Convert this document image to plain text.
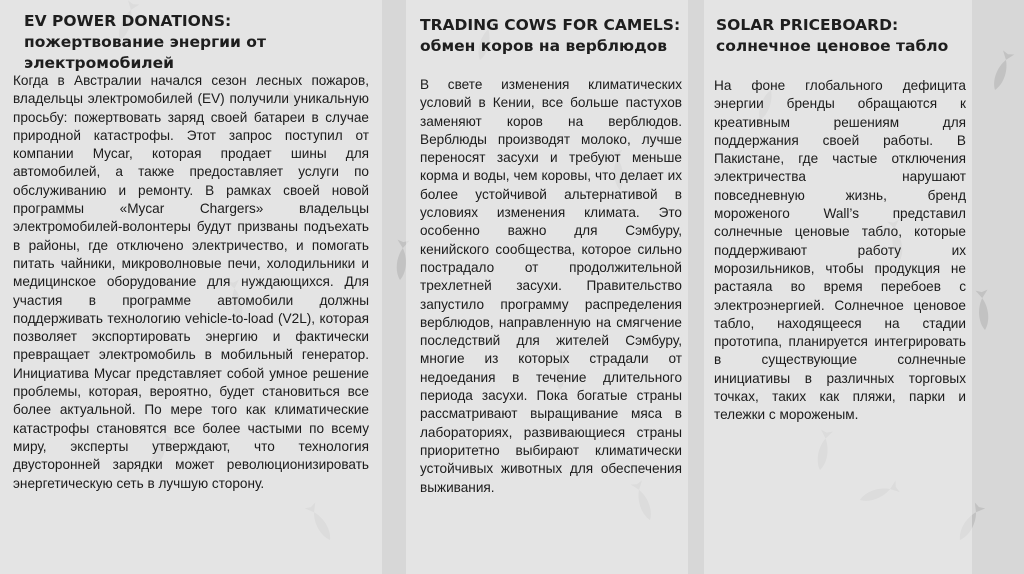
EV POWER DONATIONS: пожертвование энергии от электромобилей

Когда в Австралии начался сезон лесных пожаров, владельцы электромобилей (EV) получили уникальную просьбу: пожертвовать заряд своей батареи в случае природной катастрофы. Этот запрос поступил от компании Mycar, которая продает шины для автомобилей, а также предоставляет услуги по обслуживанию и ремонту. В рамках своей новой программы «Mycar Chargers» владельцы электромобилей-волонтеры будут призваны подъехать в районы, где отключено электричество, и помогать питать чайники, микроволновые печи, холодильники и медицинское оборудование для нуждающихся. Для участия в программе автомобили должны поддерживать технологию vehicle-to-load (V2L), которая позволяет экспортировать энергию и фактически превращает электромобиль в мобильный генератор. Инициатива Mycar представляет собой умное решение проблемы, которая, вероятно, будет становиться все более актуальной. По мере того как климатические катастрофы становятся все более частыми по всему миру, эксперты утверждают, что технология двусторонней зарядки может революционизировать энергетическую сеть в лучшую сторону.

TRADING COWS FOR CAMELS: обмен коров на верблюдов

В свете изменения климатических условий в Кении, все больше пастухов заменяют коров на верблюдов. Верблюды производят молоко, лучше переносят засухи и требуют меньше корма и воды, чем коровы, что делает их более устойчивой альтернативой в условиях изменения климата. Это особенно важно для Сэмбуру, кенийского сообщества, которое сильно пострадало от продолжительной трехлетней засухи. Правительство запустило программу распределения верблюдов, направленную на смягчение последствий для жителей Сэмбуру, многие из которых страдали от недоедания в течение длительного периода засухи. Пока богатые страны рассматривают выращивание мяса в лабораториях, развивающиеся страны приоритетно выбирают климатически устойчивых животных для обеспечения выживания.

SOLAR PRICEBOARD: солнечное ценовое табло

На фоне глобального дефицита энергии бренды обращаются к креативным решениям для поддержания своей работы. В Пакистане, где частые отключения электричества нарушают повседневную жизнь, бренд мороженого Wall’s представил солнечные ценовые табло, которые поддерживают работу их морозильников, чтобы продукция не растаяла во время перебоев с электроэнергией. Солнечное ценовое табло, находящееся на стадии прототипа, планируется интегрировать в существующие солнечные инициативы в различных торговых точках, таких как пляжи, парки и тележки с мороженым.
